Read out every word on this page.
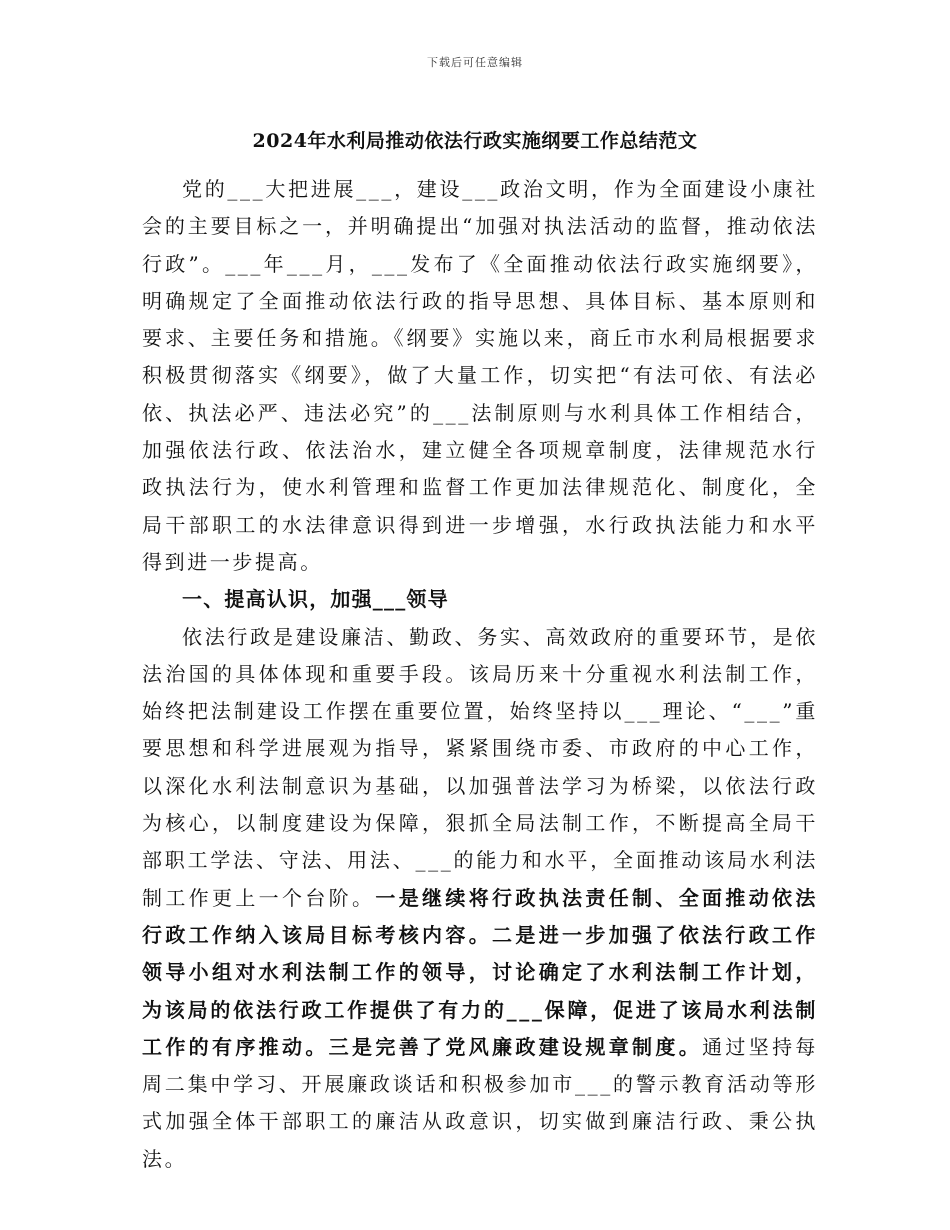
下载后可任意编辑
2024年水利局推动依法行政实施纲要工作总结范文

党的___大把进展___，建设___政治文明，作为全面建设小康社会的主要目标之一，并明确提出“加强对执法活动的监督，推动依法行政”。___年___月，___发布了《全面推动依法行政实施纲要》，明确规定了全面推动依法行政的指导思想、具体目标、基本原则和要求、主要任务和措施。《纲要》实施以来，商丘市水利局根据要求积极贯彻落实《纲要》，做了大量工作，切实把“有法可依、有法必依、执法必严、违法必究”的___法制原则与水利具体工作相结合，加强依法行政、依法治水，建立健全各项规章制度，法律规范水行政执法行为，使水利管理和监督工作更加法律规范化、制度化，全局干部职工的水法律意识得到进一步增强，水行政执法能力和水平得到进一步提高。

一、提高认识，加强___领导

依法行政是建设廉洁、勤政、务实、高效政府的重要环节，是依法治国的具体体现和重要手段。该局历来十分重视水利法制工作，始终把法制建设工作摆在重要位置，始终坚持以___理论、“___”重要思想和科学进展观为指导，紧紧围绕市委、市政府的中心工作，以深化水利法制意识为基础，以加强普法学习为桥梁，以依法行政为核心，以制度建设为保障，狠抓全局法制工作，不断提高全局干部职工学法、守法、用法、___的能力和水平，全面推动该局水利法制工作更上一个台阶。一是继续将行政执法责任制、全面推动依法行政工作纳入该局目标考核内容。二是进一步加强了依法行政工作领导小组对水利法制工作的领导，讨论确定了水利法制工作计划，为该局的依法行政工作提供了有力的___保障，促进了该局水利法制工作的有序推动。三是完善了党风廉政建设规章制度。通过坚持每周二集中学习、开展廉政谈话和积极参加市___的警示教育活动等形式加强全体干部职工的廉洁从政意识，切实做到廉洁行政、秉公执法。
